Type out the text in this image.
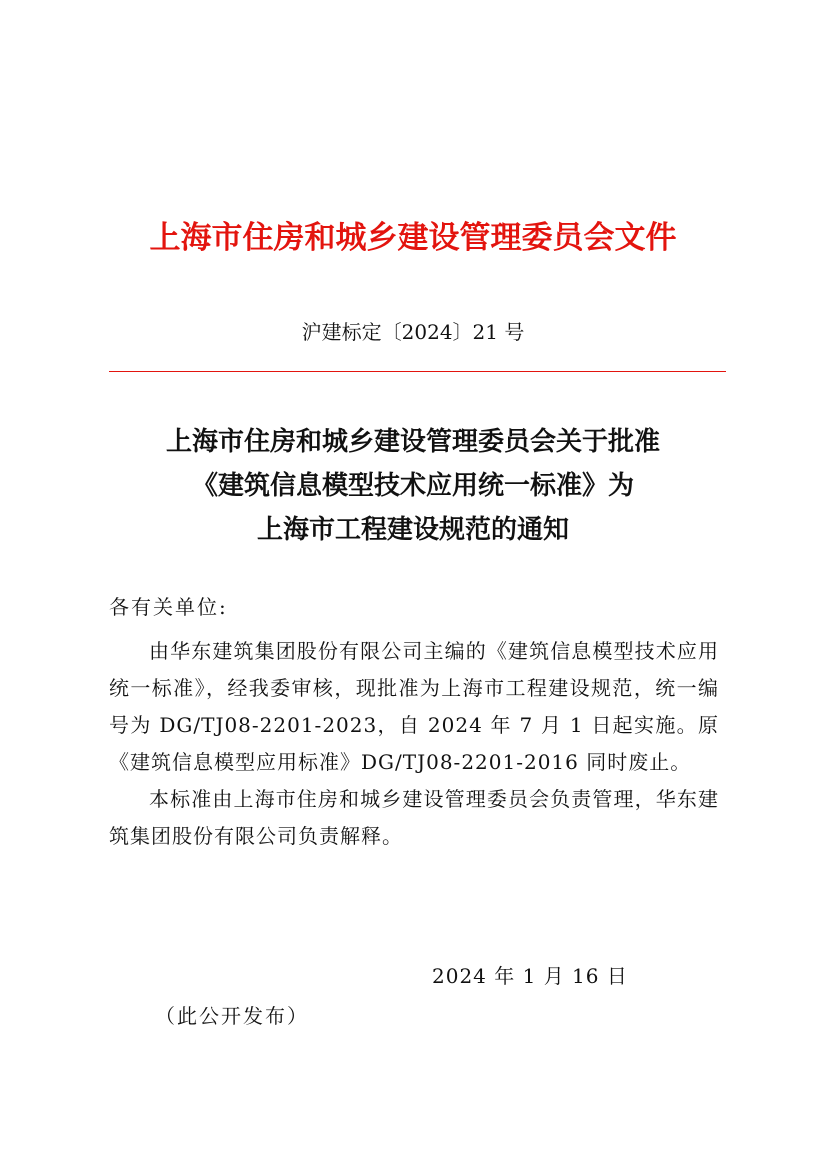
上海市住房和城乡建设管理委员会文件
沪建标定〔2024〕21 号
上海市住房和城乡建设管理委员会关于批准
《建筑信息模型技术应用统一标准》为
上海市工程建设规范的通知
各有关单位:

由华东建筑集团股份有限公司主编的《建筑信息模型技术应用统一标准》，经我委审核，现批准为上海市工程建设规范，统一编号为 DG/TJ08-2201-2023，自 2024 年 7 月 1 日起实施。原《建筑信息模型应用标准》DG/TJ08-2201-2016 同时废止。

本标准由上海市住房和城乡建设管理委员会负责管理，华东建筑集团股份有限公司负责解释。

2024 年 1 月 16 日
（此公开发布）
